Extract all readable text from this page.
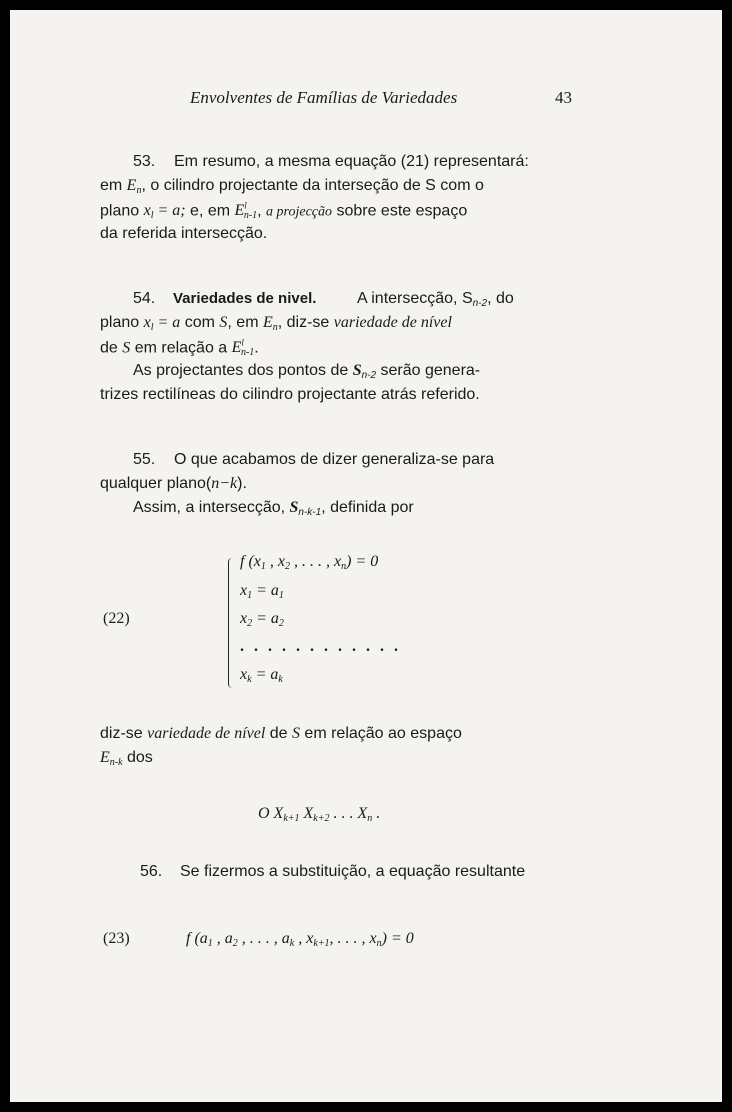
Envolventes de Famílias de Variedades	43
53. Em resumo, a mesma equação (21) representará:
em $E_n$, o cilindro projectante da interseção de S com o
plano $x_l = a$; e, em $E^l_{n-1}$, a projecção sobre este espaço
da referida intersecção.
54. Variedades de nivel.	A intersecção, $S_{n-2}$, do
plano $x_l = a$ com S, em $E_n$, diz-se variedade de nível
de S em relação a $E^l_{n-1}$.
As projectantes dos pontos de $S_{n-2}$ serão genera-
trizes rectilíneas do cilindro projectante atrás referido.
55. O que acabamos de dizer generaliza-se para
qualquer plano(n−k).
Assim, a intersecção, $S_{n-k-1}$, definida por
(22)
f ($x_1$ , $x_2$ , . . . , $x_n) = 0$
$x_1 = a_1$
$x_2 = a_2$
. . . . . . . . . . . .
$x_k = a_k$
diz-se variedade de nível de S em relação ao espaço
$E_{n-k}$ dos
O $X_{k+1}$ $X_{k+2}$ . . . $X_n$ .
56. Se fizermos a substituição, a equação resultante
(23)	f ($a_1$ , $a_2$ , . . . , $a_k$ , $x_{k+1}$, . . . , $x_n) = 0$
